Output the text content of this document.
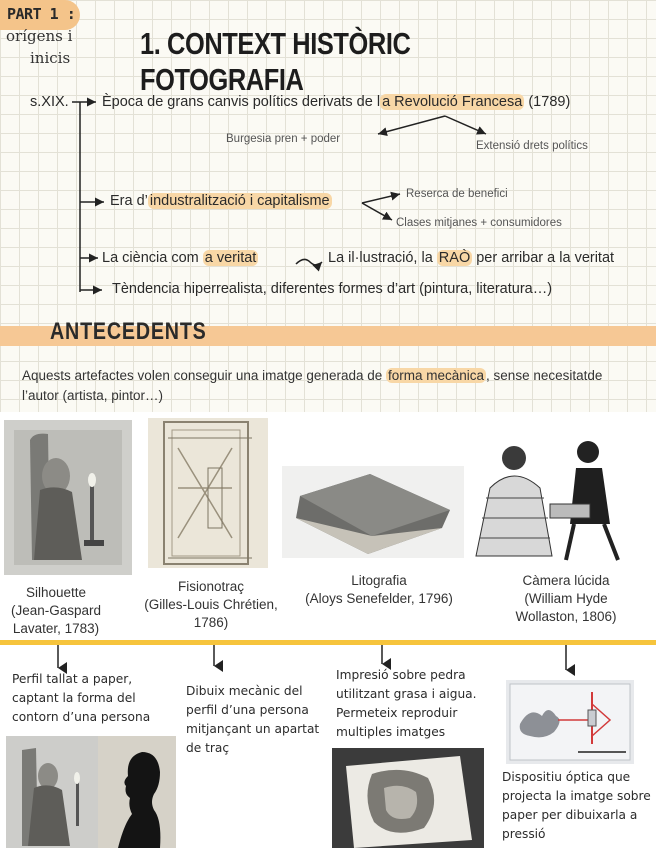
PART 1 :
orígens i
inicis 1. CONTEXT HISTÒRIC FOTOGRAFIA
s.XIX. Època de grans canvis polítics derivats de l a Revolució Francesa (1789)
Burgesia pren + poder
Extensió drets polítics
Era d’ industralització i capitalisme	Reserca de benefici
Clases mitjanes + consumidores
La ciència com a veritat	La il·lustració, la RAÒ per arribar a la veritat
Tèndencia hiperrealista, diferentes formes d’art (pintura, literatura…)
ANTECEDENTS
Aquests artefactes volen conseguir una imatge generada de forma mecànica , sense necesitatde l’autor (artista, pintor…)
Silhouette
(Jean-Gaspard Lavater, 1783)
Fisionotraç
(Gilles-Louis Chrétien, 1786)
Litografia
(Aloys Senefelder, 1796)
Càmera lúcida
(William Hyde Wollaston, 1806)
Perfil tallat a paper, captant la forma del contorn d’una persona
Dibuix mecànic del perfil d’una persona mitjançant un apartat de traç
Impresió sobre pedra utilitzant grasa i aigua. Permeteix reproduir multiples imatges
Dispositiu óptica que projecta la imatge sobre paper per dibuixarla a pressió
